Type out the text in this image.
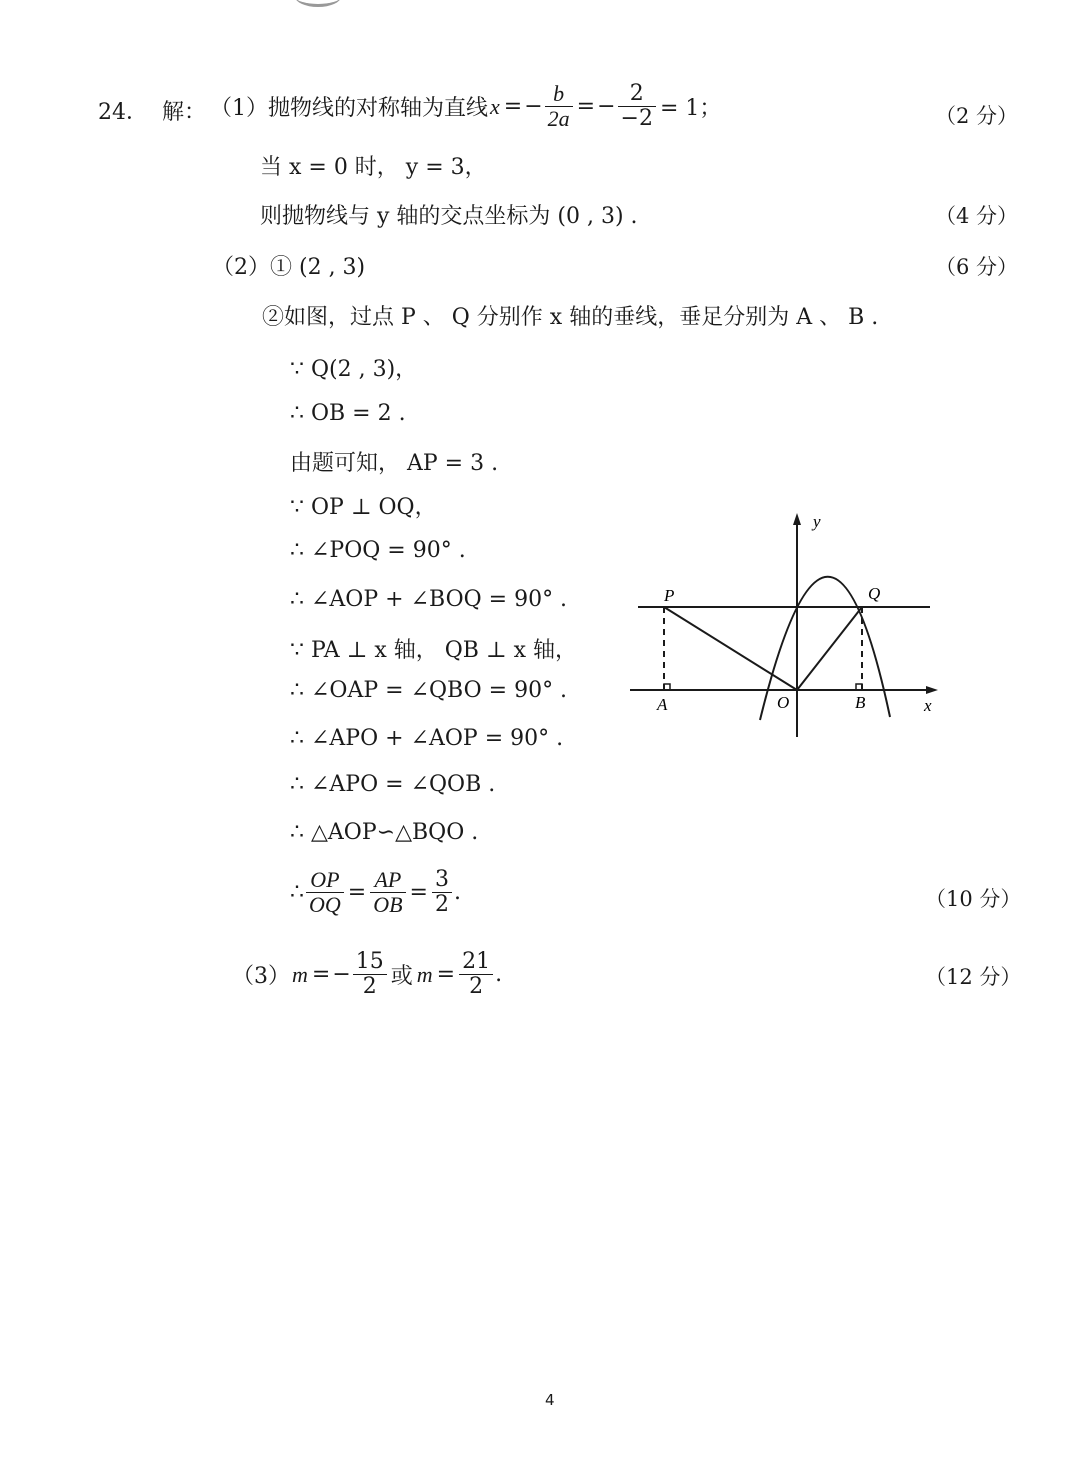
24． 解： （1） 抛物线的对称轴为直线 x = − $\frac{b}{2a}$ = − $\frac{2}{-2} = 1$；	（2 分）
当 x = 0 时， y = 3，
则抛物线与 y 轴的交点坐标为 (0 , 3) .	（4 分）
（2）① (2 , 3)	（6 分）
②如图，过点 P 、 Q 分别作 x 轴的垂线，垂足分别为 A 、 B .
∵ Q(2 , 3)，
∴ OB = 2 .
由题可知， AP = 3 .
∵ OP ⊥ OQ，
∴ ∠POQ = 90° .
∴ ∠AOP + ∠BOQ = 90° .
∵ PA ⊥ x 轴， QB ⊥ x 轴，
∴ ∠OAP = ∠QBO = 90° .
∴ ∠APO + ∠AOP = 90° .
∴ ∠APO = ∠QOB .
∴ △AOP∽△BQO .
∴ $\frac{OP}{OQ} = \frac{AP}{OB} = \frac{3}{2}$ .	（10 分）
（3） m = − $\frac{15}{2}$ 或 $m = \frac{21}{2}$ .	（12 分）
y
x
P	Q
O
A	B
4
